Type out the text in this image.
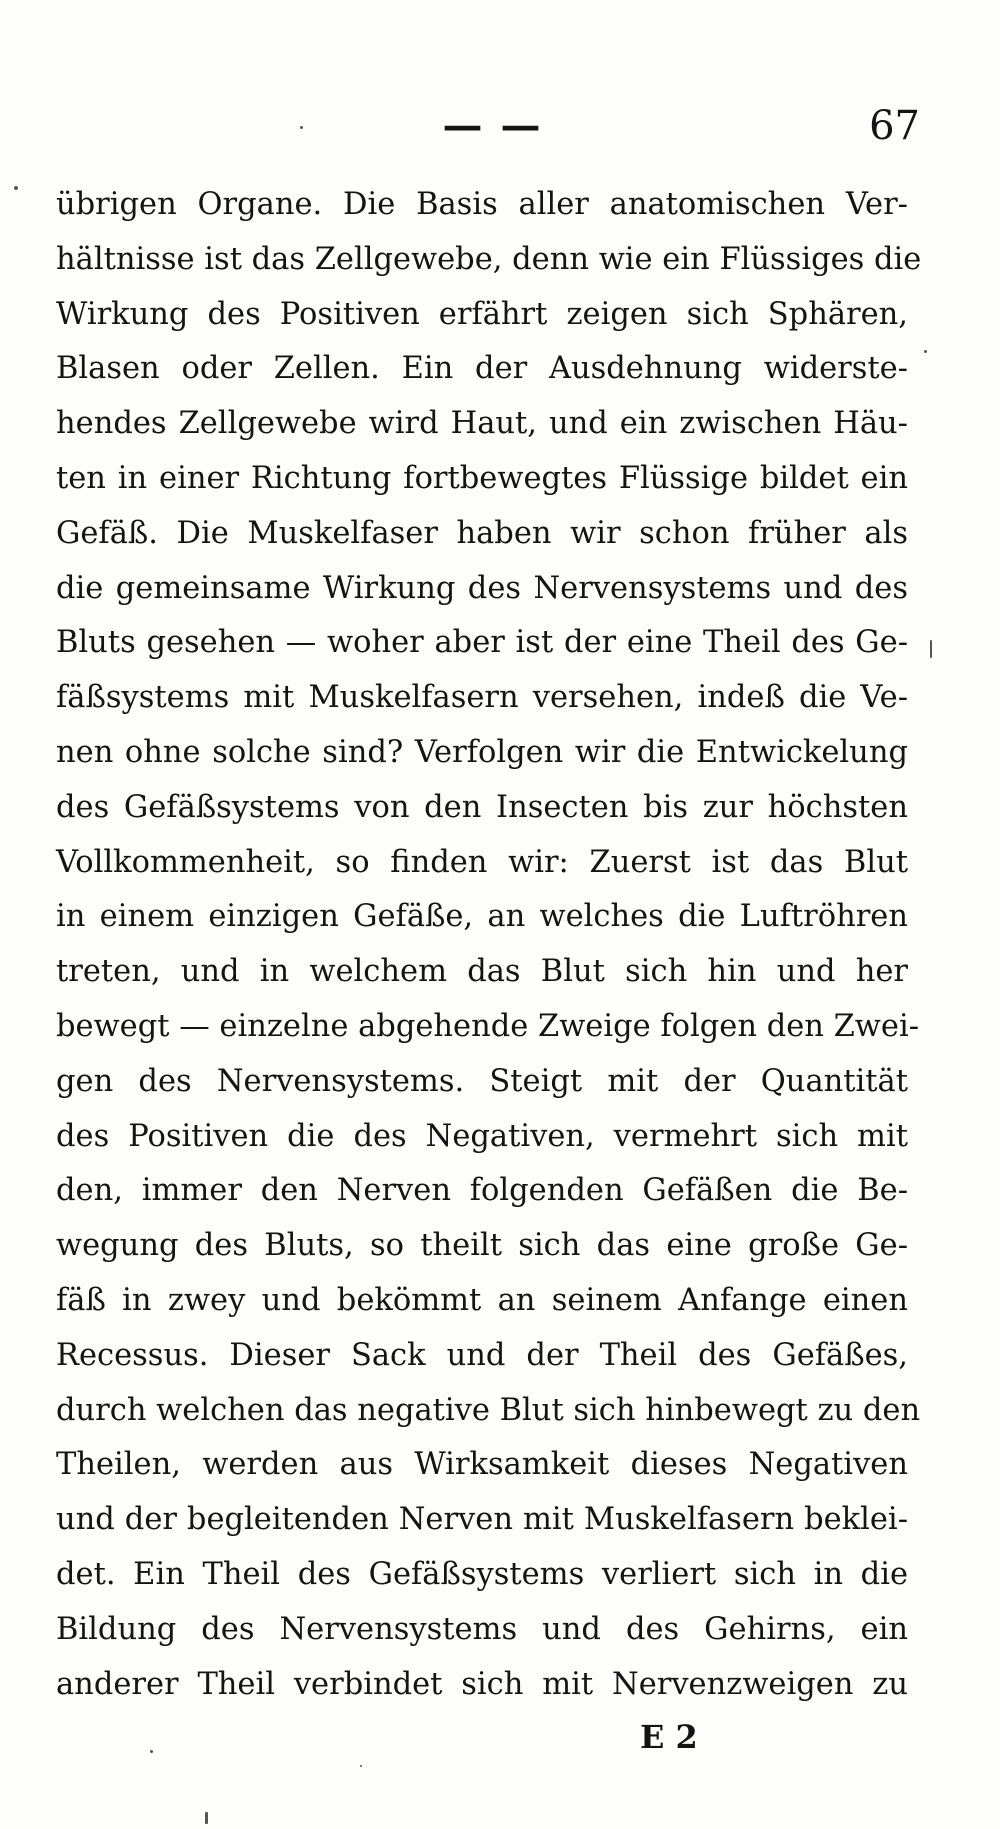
— —	67
übrigen Organe. Die Basis aller anatomischen Ver-
hältnisse ist das Zellgewebe, denn wie ein Flüssiges die
Wirkung des Positiven erfährt zeigen sich Sphären,
Blasen oder Zellen. Ein der Ausdehnung widerste-
hendes Zellgewebe wird Haut, und ein zwischen Häu-
ten in einer Richtung fortbewegtes Flüssige bildet ein
Gefäß. Die Muskelfaser haben wir schon früher als
die gemeinsame Wirkung des Nervensystems und des
Bluts gesehen — woher aber ist der eine Theil des Ge-
fäßsystems mit Muskelfasern versehen, indeß die Ve-
nen ohne solche sind? Verfolgen wir die Entwickelung
des Gefäßsystems von den Insecten bis zur höchsten
Vollkommenheit, so finden wir: Zuerst ist das Blut
in einem einzigen Gefäße, an welches die Luftröhren
treten, und in welchem das Blut sich hin und her
bewegt — einzelne abgehende Zweige folgen den Zwei-
gen des Nervensystems. Steigt mit der Quantität
des Positiven die des Negativen, vermehrt sich mit
den, immer den Nerven folgenden Gefäßen die Be-
wegung des Bluts, so theilt sich das eine große Ge-
fäß in zwey und bekömmt an seinem Anfange einen
Recessus. Dieser Sack und der Theil des Gefäßes,
durch welchen das negative Blut sich hinbewegt zu den
Theilen, werden aus Wirksamkeit dieses Negativen
und der begleitenden Nerven mit Muskelfasern beklei-
det. Ein Theil des Gefäßsystems verliert sich in die
Bildung des Nervensystems und des Gehirns, ein
anderer Theil verbindet sich mit Nervenzweigen zu
E 2
